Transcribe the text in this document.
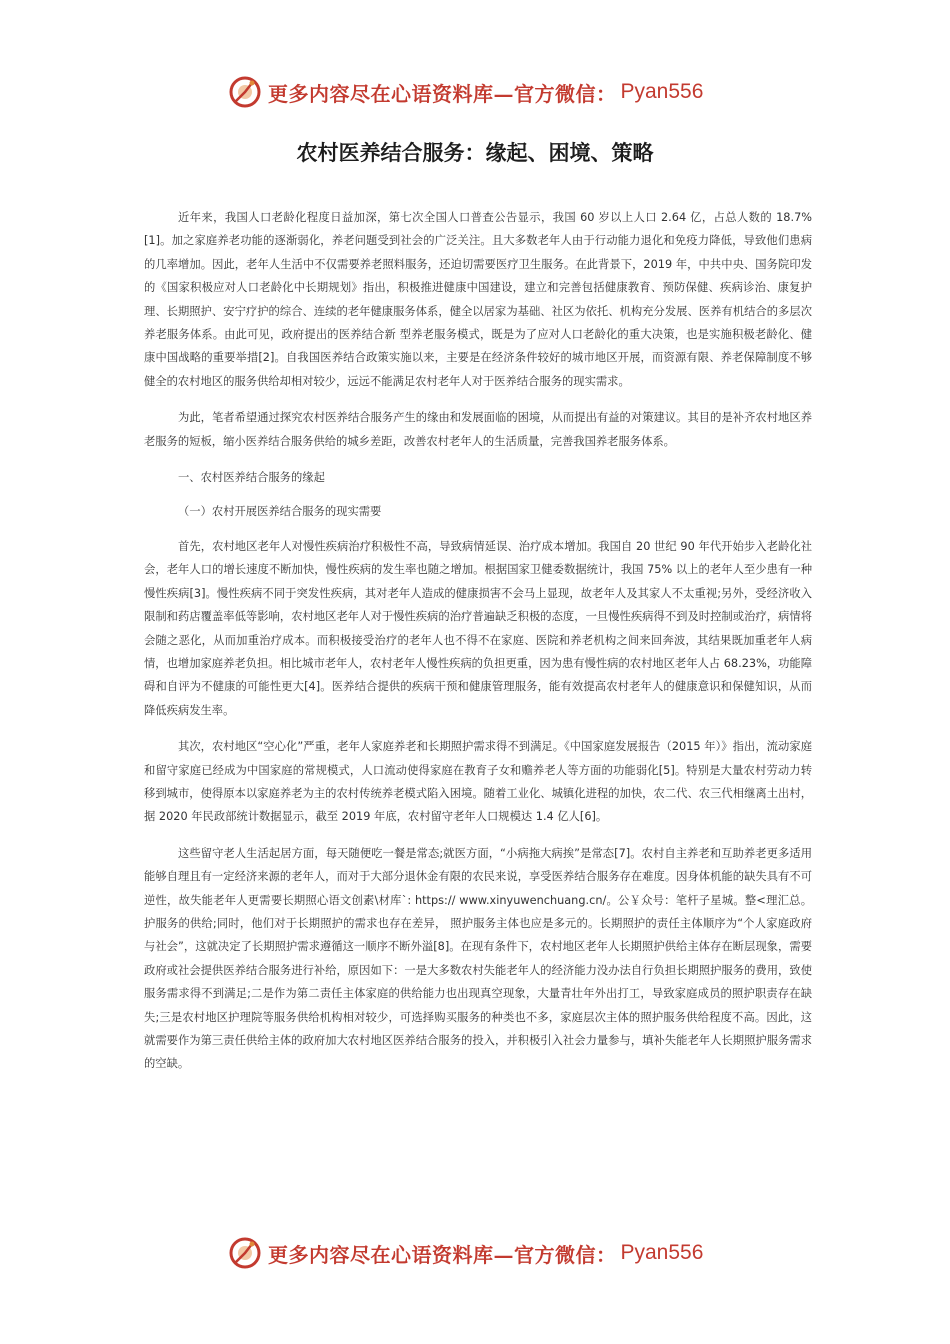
更多内容尽在心语资料库—官方微信： Pyan556
农村医养结合服务：缘起、困境、策略

近年来，我国人口老龄化程度日益加深，第七次全国人口普查公告显示，我国 60 岁以上人口 2.64 亿，占总人数的 18.7%[1]。加之家庭养老功能的逐渐弱化，养老问题受到社会的广泛关注。且大多数老年人由于行动能力退化和免疫力降低，导致他们患病的几率增加。因此，老年人生活中不仅需要养老照料服务，还迫切需要医疗卫生服务。在此背景下，2019 年，中共中央、国务院印发的《国家积极应对人口老龄化中长期规划》指出，积极推进健康中国建设，建立和完善包括健康教育、预防保健、疾病诊治、康复护理、长期照护、安宁疗护的综合、连续的老年健康服务体系，健全以居家为基础、社区为依托、机构充分发展、医养有机结合的多层次养老服务体系。由此可见，政府提出的医养结合新 型养老服务模式，既是为了应对人口老龄化的重大决策，也是实施积极老龄化、健康中国战略的重要举措[2]。自我国医养结合政策实施以来，主要是在经济条件较好的城市地区开展，而资源有限、养老保障制度不够健全的农村地区的服务供给却相对较少，远远不能满足农村老年人对于医养结合服务的现实需求。

为此，笔者希望通过探究农村医养结合服务产生的缘由和发展面临的困境，从而提出有益的对策建议。其目的是补齐农村地区养老服务的短板，缩小医养结合服务供给的城乡差距，改善农村老年人的生活质量，完善我国养老服务体系。

一、农村医养结合服务的缘起

（一）农村开展医养结合服务的现实需要

首先，农村地区老年人对慢性疾病治疗积极性不高，导致病情延误、治疗成本增加。我国自 20 世纪 90 年代开始步入老龄化社会，老年人口的增长速度不断加快，慢性疾病的发生率也随之增加。根据国家卫健委数据统计，我国 75% 以上的老年人至少患有一种慢性疾病[3]。慢性疾病不同于突发性疾病，其对老年人造成的健康损害不会马上显现，故老年人及其家人不太重视;另外，受经济收入限制和药店覆盖率低等影响，农村地区老年人对于慢性疾病的治疗普遍缺乏积极的态度，一旦慢性疾病得不到及时控制或治疗，病情将会随之恶化，从而加重治疗成本。而积极接受治疗的老年人也不得不在家庭、医院和养老机构之间来回奔波，其结果既加重老年人病情，也增加家庭养老负担。相比城市老年人，农村老年人慢性疾病的负担更重，因为患有慢性病的农村地区老年人占 68.23%，功能障碍和自评为不健康的可能性更大[4]。医养结合提供的疾病干预和健康管理服务，能有效提高农村老年人的健康意识和保健知识，从而降低疾病发生率。

其次，农村地区“空心化”严重，老年人家庭养老和长期照护需求得不到满足。《中国家庭发展报告（2015 年）》指出，流动家庭和留守家庭已经成为中国家庭的常规模式，人口流动使得家庭在教育子女和赡养老人等方面的功能弱化[5]。特别是大量农村劳动力转移到城市，使得原本以家庭养老为主的农村传统养老模式陷入困境。随着工业化、城镇化进程的加快，农二代、农三代相继离土出村，据 2020 年民政部统计数据显示，截至 2019 年底，农村留守老年人口规模达 1.4 亿人[6]。

这些留守老人生活起居方面，每天随便吃一餐是常态;就医方面，“小病拖大病挨”是常态[7]。农村自主养老和互助养老更多适用能够自理且有一定经济来源的老年人，而对于大部分退休金有限的农民来说，享受医养结合服务存在难度。因身体机能的缺失具有不可逆性，故失能老年人更需要长期照心语文创素\材库`: https:// www.xinyuwenchuang.cn/。公￥众号：笔杆子星城。整<理汇总。护服务的供给;同时，他们对于长期照护的需求也存在差异， 照护服务主体也应是多元的。长期照护的责任主体顺序为“个人家庭政府与社会”，这就决定了长期照护需求遵循这一顺序不断外溢[8]。在现有条件下，农村地区老年人长期照护供给主体存在断层现象，需要政府或社会提供医养结合服务进行补给，原因如下：一是大多数农村失能老年人的经济能力没办法自行负担长期照护服务的费用，致使服务需求得不到满足;二是作为第二责任主体家庭的供给能力也出现真空现象，大量青壮年外出打工，导致家庭成员的照护职责存在缺失;三是农村地区护理院等服务供给机构相对较少，可选择购买服务的种类也不多，家庭层次主体的照护服务供给程度不高。因此，这就需要作为第三责任供给主体的政府加大农村地区医养结合服务的投入，并积极引入社会力量参与，填补失能老年人长期照护服务需求的空缺。

更多内容尽在心语资料库—官方微信： Pyan556
